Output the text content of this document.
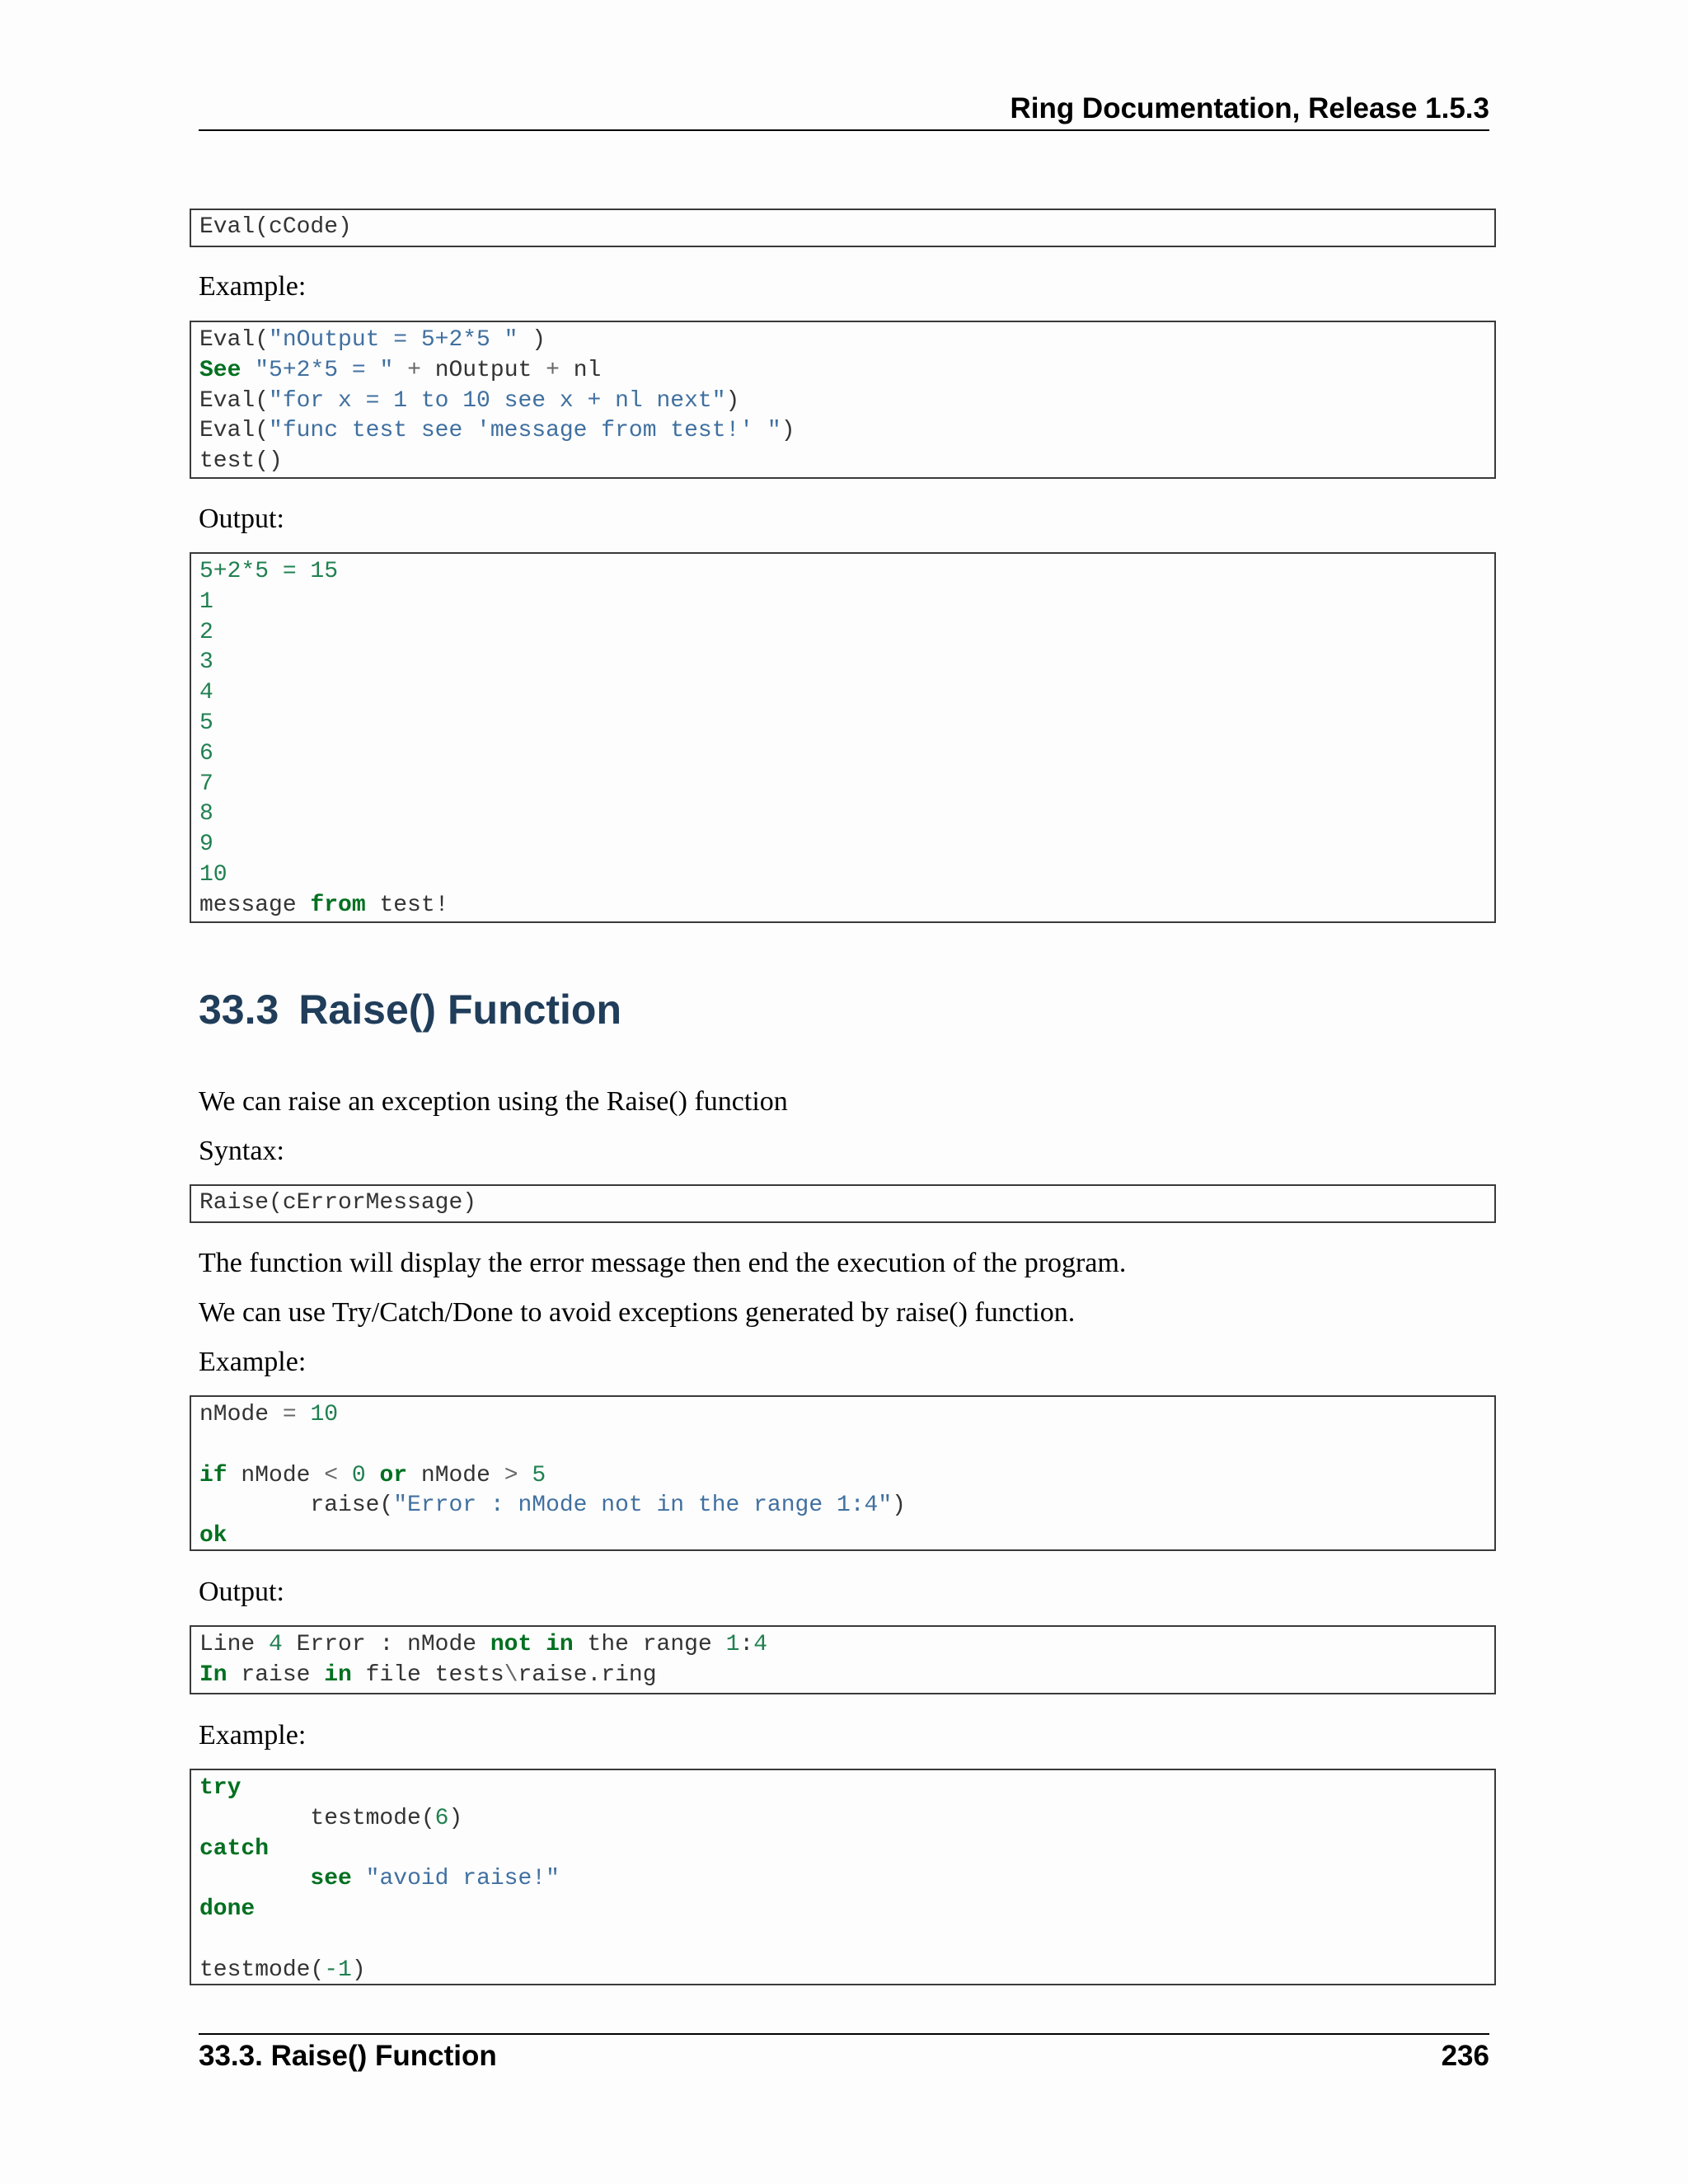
Ring Documentation, Release 1.5.3
Eval(cCode)
Example:
Eval("nOutput = 5+2*5 " )
See "5+2*5 = " + nOutput + nl
Eval("for x = 1 to 10 see x + nl next")
Eval("func test see 'message from test!' ")
test()
Output:
5+2*5 = 15
1
2
3
4
5
6
7
8
9
10
message from test!
33.3 Raise() Function
We can raise an exception using the Raise() function
Syntax:
Raise(cErrorMessage)
The function will display the error message then end the execution of the program.
We can use Try/Catch/Done to avoid exceptions generated by raise() function.
Example:
nMode = 10
if nMode < 0 or nMode > 5
raise("Error : nMode not in the range 1:4")
ok
Output:
Line 4 Error : nMode not in the range 1:4
In raise in file tests\raise.ring
Example:
try
testmode(6)
catch
see "avoid raise!"
done
testmode(-1)
33.3. Raise() Function	236
